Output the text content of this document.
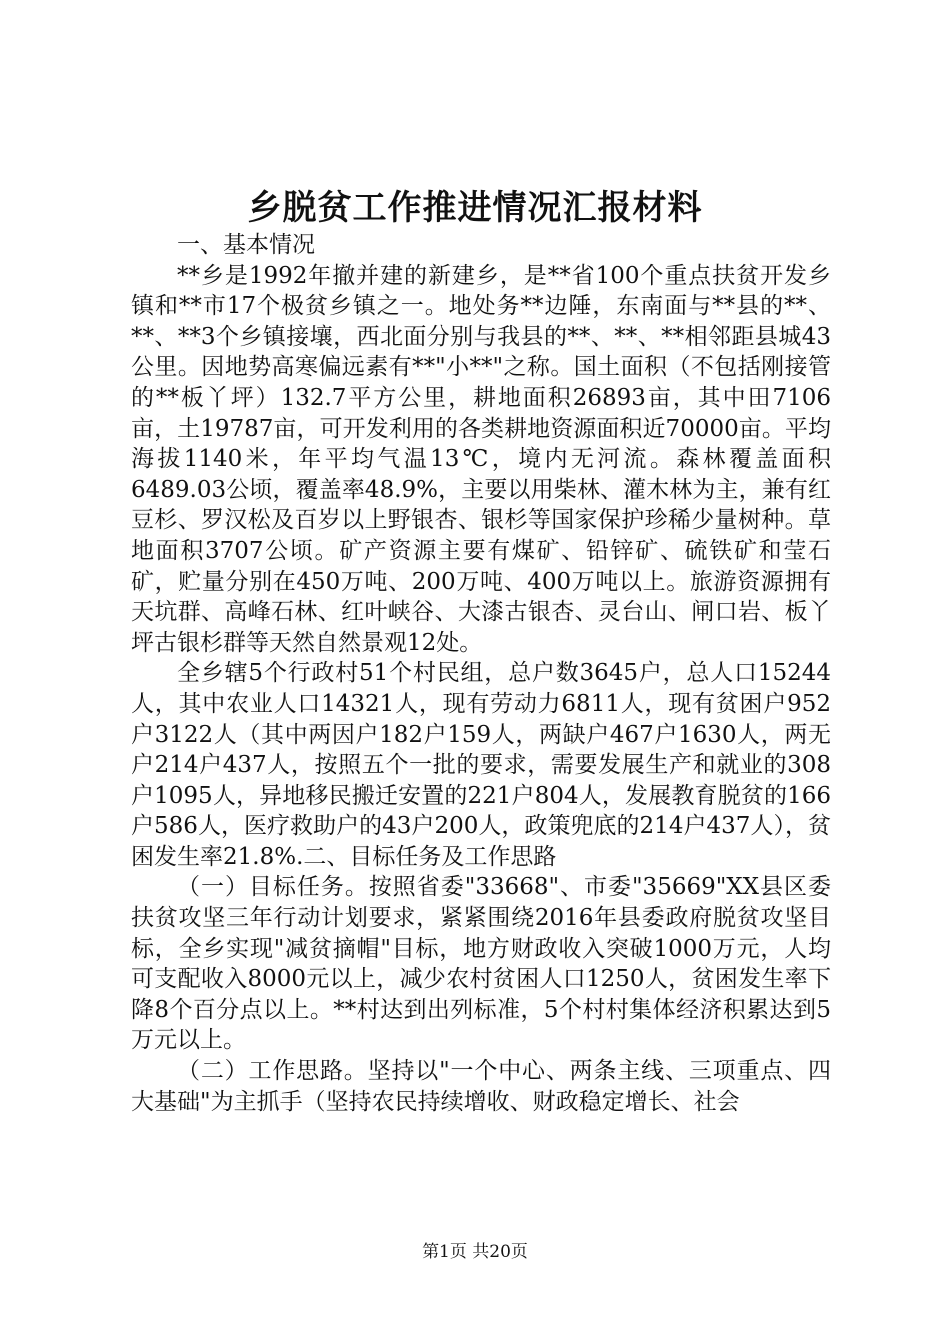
乡脱贫工作推进情况汇报材料

一、基本情况

**乡是1992年撤并建的新建乡，是**省100个重点扶贫开发乡镇和**市17个极贫乡镇之一。地处务**边陲，东南面与**县的**、**、**3个乡镇接壤，西北面分别与我县的**、**、**相邻距县城43公里。因地势高寒偏远素有**"小**"之称。国土面积（不包括刚接管的**板丫坪）132.7平方公里，耕地面积26893亩，其中田7106亩，土19787亩，可开发利用的各类耕地资源面积近70000亩。平均海拔1140米，年平均气温13℃，境内无河流。森林覆盖面积6489.03公顷，覆盖率48.9%，主要以用柴林、灌木林为主，兼有红豆杉、罗汉松及百岁以上野银杏、银杉等国家保护珍稀少量树种。草地面积3707公顷。矿产资源主要有煤矿、铅锌矿、硫铁矿和莹石矿，贮量分别在450万吨、200万吨、400万吨以上。旅游资源拥有天坑群、高峰石林、红叶峡谷、大漆古银杏、灵台山、闸口岩、板丫坪古银杉群等天然自然景观12处。

全乡辖5个行政村51个村民组，总户数3645户，总人口15244人，其中农业人口14321人，现有劳动力6811人，现有贫困户952户3122人（其中两因户182户159人，两缺户467户1630人，两无户214户437人，按照五个一批的要求，需要发展生产和就业的308户1095人，异地移民搬迁安置的221户804人，发展教育脱贫的166户586人，医疗救助户的43户200人，政策兜底的214户437人），贫困发生率21.8%.二、目标任务及工作思路

（一）目标任务。按照省委"33668"、市委"35669"XX县区委扶贫攻坚三年行动计划要求，紧紧围绕2016年县委政府脱贫攻坚目标，全乡实现"减贫摘帽"目标，地方财政收入突破1000万元，人均可支配收入8000元以上，减少农村贫困人口1250人，贫困发生率下降8个百分点以上。**村达到出列标准，5个村村集体经济积累达到5万元以上。

（二）工作思路。坚持以"一个中心、两条主线、三项重点、四大基础"为主抓手（坚持农民持续增收、财政稳定增长、社会

第1页 共20页
